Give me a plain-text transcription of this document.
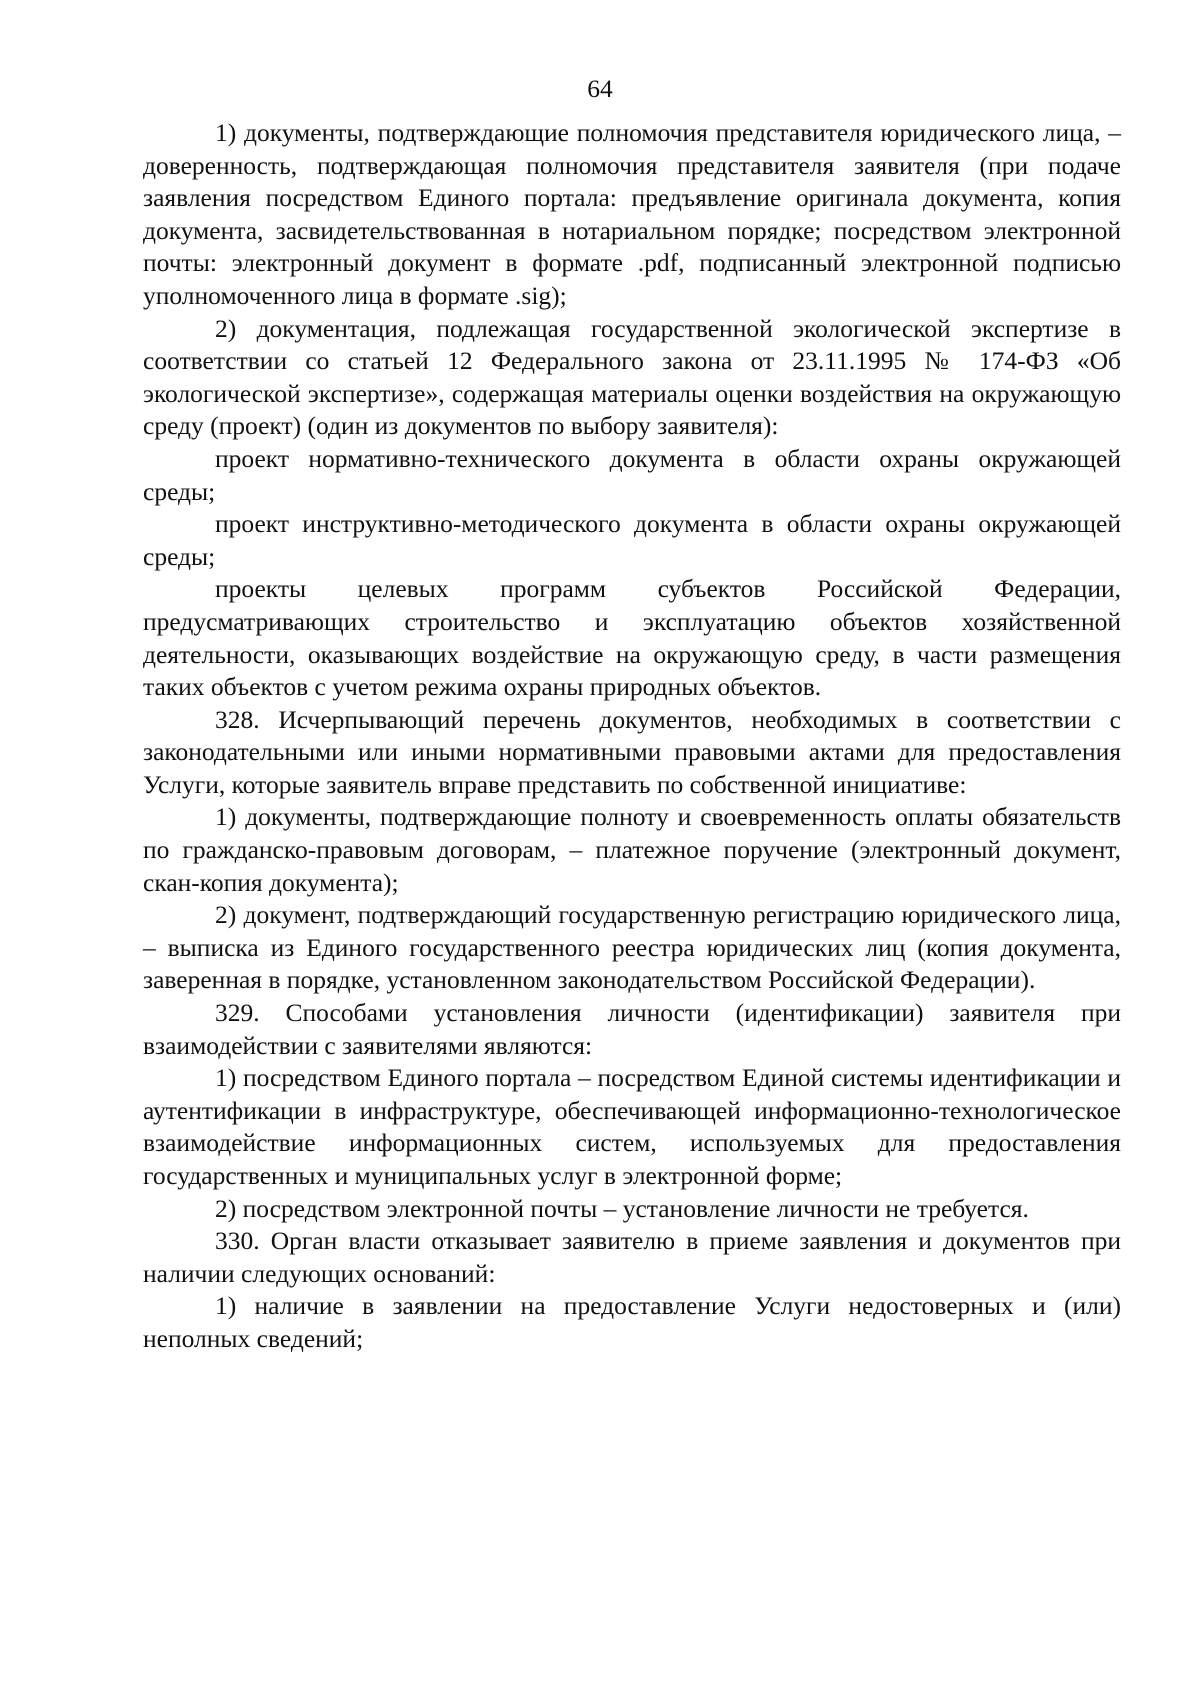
64

1) документы, подтверждающие полномочия представителя юридического лица, – доверенность, подтверждающая полномочия представителя заявителя (при подаче заявления посредством Единого портала: предъявление оригинала документа, копия документа, засвидетельствованная в нотариальном порядке; посредством электронной почты: электронный документ в формате .pdf, подписанный электронной подписью уполномоченного лица в формате .sig);

2) документация, подлежащая государственной экологической экспертизе в соответствии со статьей 12 Федерального закона от 23.11.1995 № 174-ФЗ «Об экологической экспертизе», содержащая материалы оценки воздействия на окружающую среду (проект) (один из документов по выбору заявителя):

проект нормативно-технического документа в области охраны окружающей среды;

проект инструктивно-методического документа в области охраны окружающей среды;

проекты целевых программ субъектов Российской Федерации, предусматривающих строительство и эксплуатацию объектов хозяйственной деятельности, оказывающих воздействие на окружающую среду, в части размещения таких объектов с учетом режима охраны природных объектов.

328. Исчерпывающий перечень документов, необходимых в соответствии с законодательными или иными нормативными правовыми актами для предоставления Услуги, которые заявитель вправе представить по собственной инициативе:

1) документы, подтверждающие полноту и своевременность оплаты обязательств по гражданско-правовым договорам, – платежное поручение (электронный документ, скан-копия документа);

2) документ, подтверждающий государственную регистрацию юридического лица, – выписка из Единого государственного реестра юридических лиц (копия документа, заверенная в порядке, установленном законодательством Российской Федерации).

329. Способами установления личности (идентификации) заявителя при взаимодействии с заявителями являются:

1) посредством Единого портала – посредством Единой системы идентификации и аутентификации в инфраструктуре, обеспечивающей информационно-технологическое взаимодействие информационных систем, используемых для предоставления государственных и муниципальных услуг в электронной форме;

2) посредством электронной почты – установление личности не требуется.

330. Орган власти отказывает заявителю в приеме заявления и документов при наличии следующих оснований:

1) наличие в заявлении на предоставление Услуги недостоверных и (или) неполных сведений;
